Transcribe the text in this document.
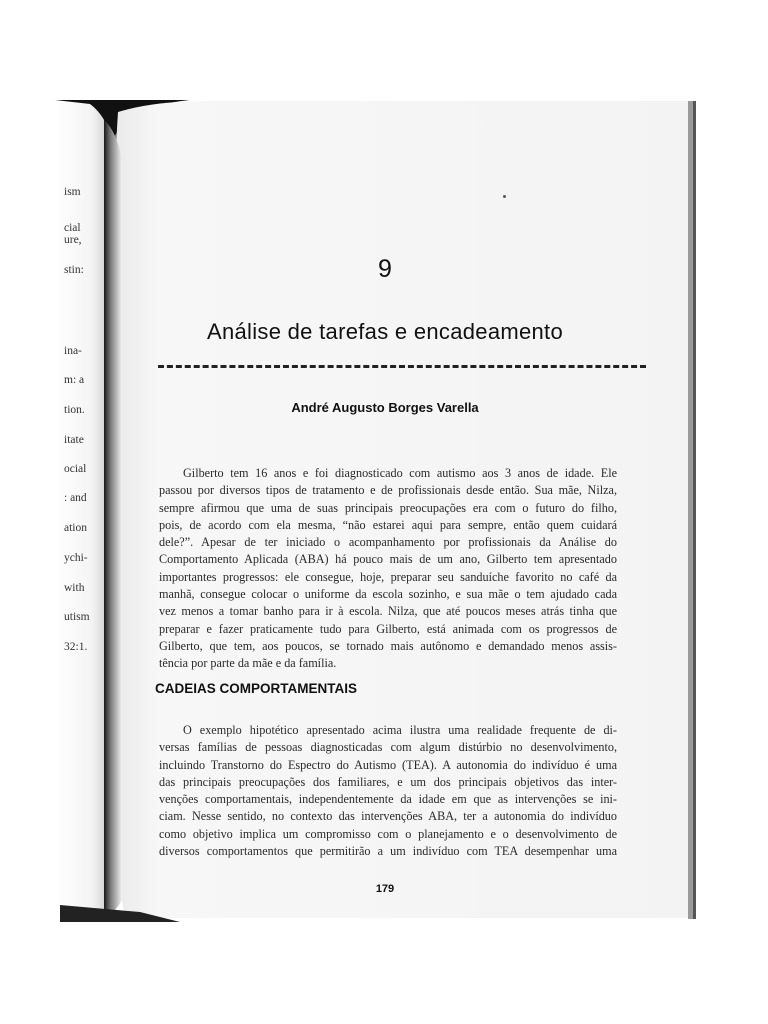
ism
cial
ure,
stin:
ina-
m: a
tion.
itate
ocial
: and
ation
ychi-
with
utism
32:1.
9
Análise de tarefas e encadeamento
André Augusto Borges Varella
Gilberto tem 16 anos e foi diagnosticado com autismo aos 3 anos de idade. Ele
passou por diversos tipos de tratamento e de profissionais desde então. Sua mãe, Nilza,
sempre afirmou que uma de suas principais preocupações era com o futuro do filho,
pois, de acordo com ela mesma, “não estarei aqui para sempre, então quem cuidará
dele?”. Apesar de ter iniciado o acompanhamento por profissionais da Análise do
Comportamento Aplicada (ABA) há pouco mais de um ano, Gilberto tem apresentado
importantes progressos: ele consegue, hoje, preparar seu sanduíche favorito no café da
manhã, consegue colocar o uniforme da escola sozinho, e sua mãe o tem ajudado cada
vez menos a tomar banho para ir à escola. Nilza, que até poucos meses atrás tinha que
preparar e fazer praticamente tudo para Gilberto, está animada com os progressos de
Gilberto, que tem, aos poucos, se tornado mais autônomo e demandado menos assis-
tência por parte da mãe e da família.
CADEIAS COMPORTAMENTAIS
O exemplo hipotético apresentado acima ilustra uma realidade frequente de di-
versas famílias de pessoas diagnosticadas com algum distúrbio no desenvolvimento,
incluindo Transtorno do Espectro do Autismo (TEA). A autonomia do indivíduo é uma
das principais preocupações dos familiares, e um dos principais objetivos das inter-
venções comportamentais, independentemente da idade em que as intervenções se ini-
ciam. Nesse sentido, no contexto das intervenções ABA, ter a autonomia do indivíduo
como objetivo implica um compromisso com o planejamento e o desenvolvimento de
diversos comportamentos que permitirão a um indivíduo com TEA desempenhar uma
179
